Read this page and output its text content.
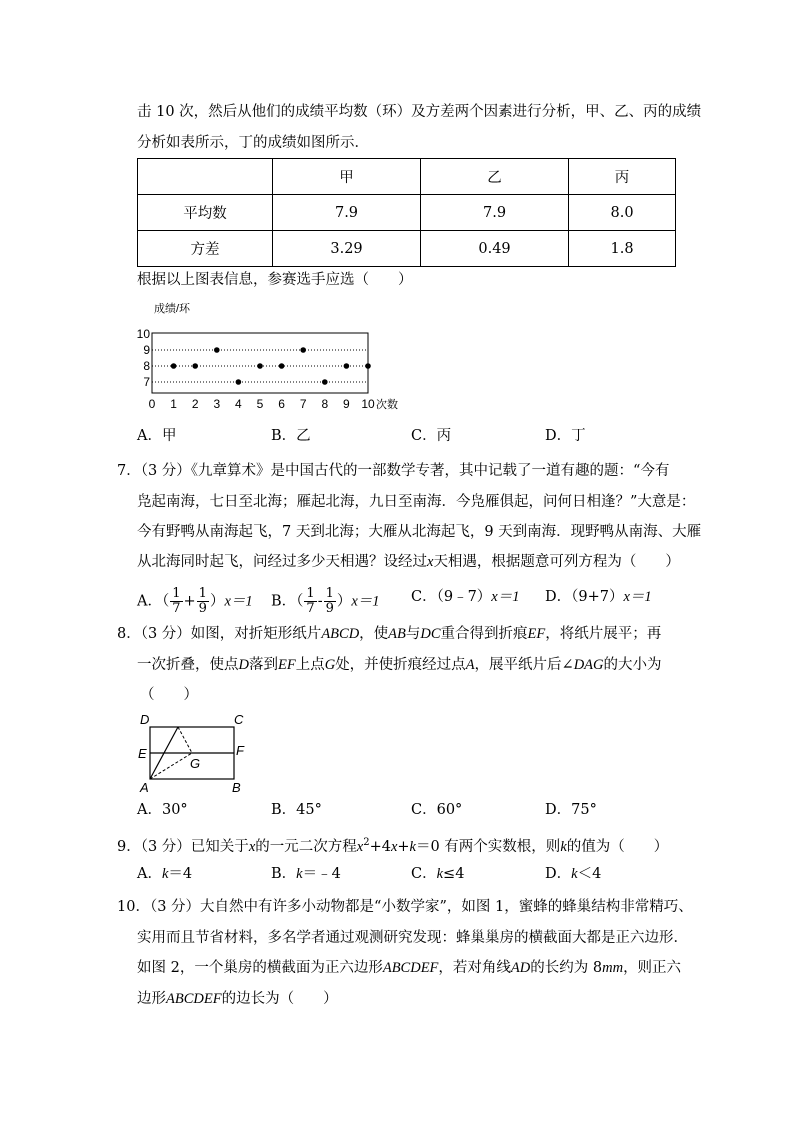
击 10 次，然后从他们的成绩平均数（环）及方差两个因素进行分析，甲、乙、丙的成绩
分析如表所示，丁的成绩如图所示．
	甲	乙	丙
平均数	7.9	7.9	8.0
方差	3.29	0.49	1.8
根据以上图表信息，参赛选手应选（　　）
成绩/环
7
8
9
10
0 1 2 3 4 5 6 7 8 9 10 次数
A．甲	B．乙	C．丙	D．丁
7．（3 分）《九章算术》是中国古代的一部数学专著，其中记载了一道有趣的题：“今有
凫起南海，七日至北海；雁起北海，九日至南海．今凫雁俱起，问何日相逢？”大意是：
今有野鸭从南海起飞，7 天到北海；大雁从北海起飞，9 天到南海．现野鸭从南海、大雁
从北海同时起飞，问经过多少天相遇？设经过x天相遇，根据题意可列方程为（　　）
A．（ $\frac{1}{7} + \frac{1}{9} )x=1$ B．（ $\frac{1}{7} - \frac{1}{9} )x=1$ C．（9﹣7）x＝1 D．（9+7）x＝1
8．（3 分）如图，对折矩形纸片ABCD，使AB与DC重合得到折痕EF，将纸片展平；再
一次折叠，使点D落到EF上点G处，并使折痕经过点A，展平纸片后∠DAG的大小为
（　　）
D	C
E	F
G
A	B
A．30°	B．45°	C．60°	D．75°
9．（3 分）已知关于x的一元二次方程$x^2+4x+k=0$ 有两个实数根，则k的值为（　　）
A．k＝4	B．k＝﹣4	C．k≤4	D．k＜4
10．（3 分）大自然中有许多小动物都是“小数学家”，如图 1，蜜蜂的蜂巢结构非常精巧、
实用而且节省材料，多名学者通过观测研究发现：蜂巢巢房的横截面大都是正六边形．
如图 2，一个巢房的横截面为正六边形ABCDEF，若对角线AD的长约为 8mm，则正六
边形ABCDEF的边长为（　　）
